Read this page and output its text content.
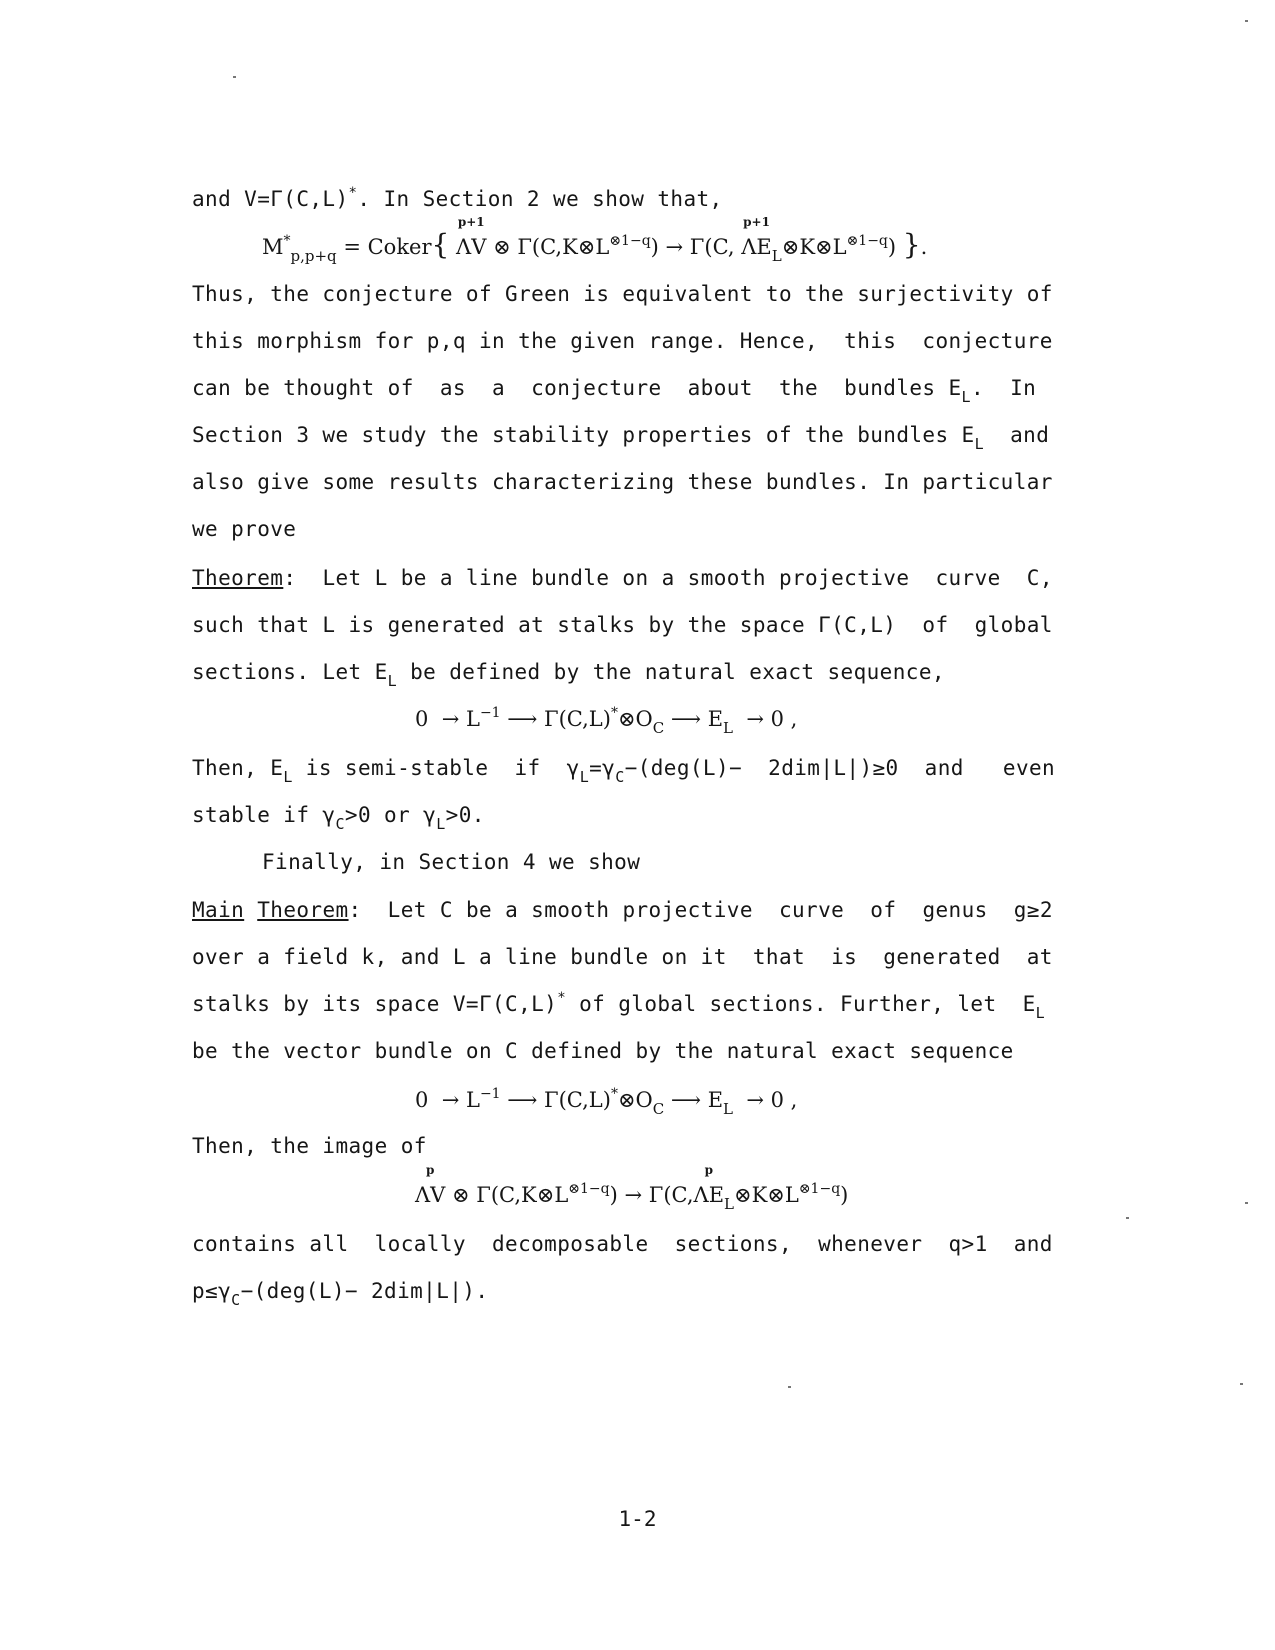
and V=Γ(C,L)*. In Section 2 we show that,
$M^*_{p,p+q}$ = Coker{
p+1
ΛV ⊗ $\Gamma(C,K\otimes L^{\otimes 1-q}) \to \Gamma(C$,
p+1
$\Lambda E_L\otimes K\otimes L^{\otimes 1-q}$) }.
Thus, the conjecture of Green is equivalent to the surjectivity of
this morphism for p,q in the given range. Hence,  this  conjecture
can be thought of  as  a  conjecture  about  the  bundles $E_L$.  In
Section 3 we study the stability properties of the bundles $E_L$  and
also give some results characterizing these bundles. In particular
we prove
Theorem:  Let L be a line bundle on a smooth projective  curve  C,
such that L is generated at stalks by the space Γ(C,L)  of  global
sections. Let $E_L$ be defined by the natural exact sequence,
$0 \to L^{-1}$ ⟶ $\Gamma(C,L)^*\otimes O_C$ ⟶ $E_L \to 0$ ,
Then, $E_L$ is semi-stable  if  $\gamma_L=\gamma_C-(deg(L)- 2dim|L|)\ge 0$  and   even
stable if $\gamma_C>0$ or $\gamma_L>0$.
Finally, in Section 4 we show
Main Theorem:  Let C be a smooth projective  curve  of  genus  g≥2
over a field k, and L a line bundle on it  that  is  generated  at
stalks by its space V=Γ(C,L)* of global sections. Further, let  $E_L$
be the vector bundle on C defined by the natural exact sequence
$0 \to L^{-1}$ ⟶ $\Gamma(C,L)^*\otimes O_C$ ⟶ $E_L \to 0$ ,
Then, the image of
p
ΛV ⊗ $\Gamma(C,K\otimes L^{\otimes 1-q}) \to \Gamma(C$,
p
$\Lambda E_L\otimes K\otimes L^{\otimes 1-q}$)
contains all  locally  decomposable  sections,  whenever  q>1  and
$p\le\gamma_C-(deg(L)- 2dim|L|)$.
1-2
